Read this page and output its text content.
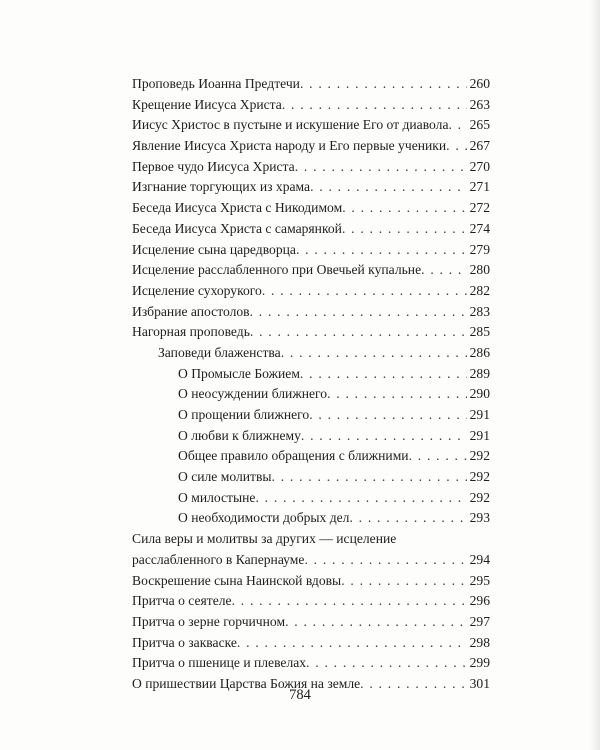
Проповедь Иоанна Предтечи . . .	260
Крещение Иисуса Христа . . .	263
Иисус Христос в пустыне и искушение Его от диавола . . . 265
Явление Иисуса Христа народу и Его первые ученики . . . 267
Первое чудо Иисуса Христа . . .	270
Изгнание торгующих из храма . . .	271
Беседа Иисуса Христа с Никодимом . . .	272
Беседа Иисуса Христа с самарянкой . . .	274
Исцеление сына царедворца . . .	279
Исцеление расслабленного при Овечьей купальне . . .	280
Исцеление сухорукого . . .	282
Избрание апостолов . . .	283
Нагорная проповедь . . .	285
Заповеди блаженства . . .	286
О Промысле Божием . . .	289
О неосуждении ближнего . . .	290
О прощении ближнего . . .	291
О любви к ближнему . . .	291
Общее правило обращения с ближними . . .	292
О силе молитвы . . .	292
О милостыне . . .	292
О необходимости добрых дел . . .	293
Сила веры и молитвы за других — исцеление
расслабленного в Капернауме . . .	294
Воскрешение сына Наинской вдовы . . .	295
Притча о сеятеле . . .	296
Притча о зерне горчичном . . .	297
Притча о закваске . . .	298
Притча о пшенице и плевелах . . .	299
О пришествии Царства Божия на земле . . .	301
784
